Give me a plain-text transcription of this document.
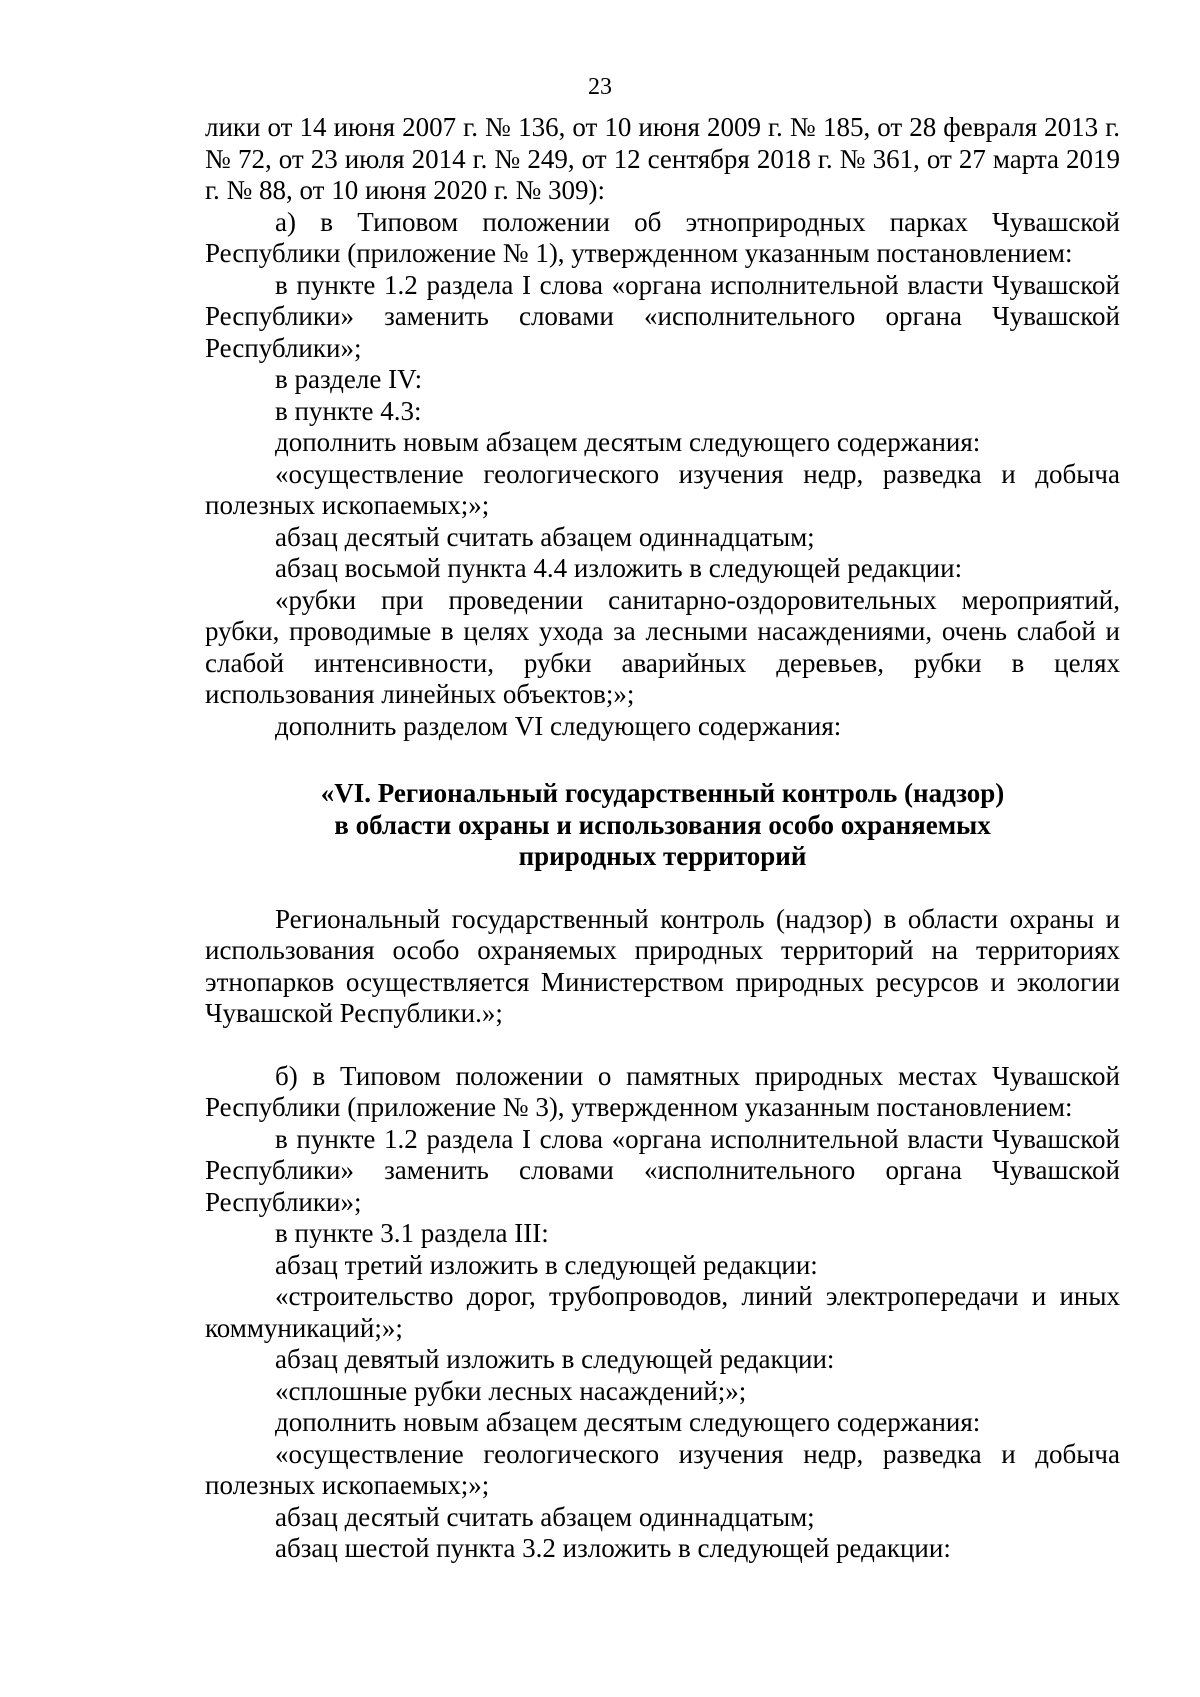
23

лики от 14 июня 2007 г. № 136, от 10 июня 2009 г. № 185, от 28 февраля 2013 г. № 72, от 23 июля 2014 г. № 249, от 12 сентября 2018 г. № 361, от 27 марта 2019 г. № 88, от 10 июня 2020 г. № 309):

а) в Типовом положении об этноприродных парках Чувашской Республики (приложение № 1), утвержденном указанным постановлением:

в пункте 1.2 раздела I слова «органа исполнительной власти Чувашской Республики» заменить словами «исполнительного органа Чувашской Республики»;

в разделе IV:

в пункте 4.3:

дополнить новым абзацем десятым следующего содержания:

«осуществление геологического изучения недр, разведка и добыча полезных ископаемых;»;

абзац десятый считать абзацем одиннадцатым;

абзац восьмой пункта 4.4 изложить в следующей редакции:

«рубки при проведении санитарно-оздоровительных мероприятий, рубки, проводимые в целях ухода за лесными насаждениями, очень слабой и слабой интенсивности, рубки аварийных деревьев, рубки в целях использования линейных объектов;»;

дополнить разделом VI следующего содержания:

«VI. Региональный государственный контроль (надзор)
в области охраны и использования особо охраняемых
природных территорий

Региональный государственный контроль (надзор) в области охраны и использования особо охраняемых природных территорий на территориях этнопарков осуществляется Министерством природных ресурсов и экологии Чувашской Республики.»;

б) в Типовом положении о памятных природных местах Чувашской Республики (приложение № 3), утвержденном указанным постановлением:

в пункте 1.2 раздела I слова «органа исполнительной власти Чувашской Республики» заменить словами «исполнительного органа Чувашской Республики»;

в пункте 3.1 раздела III:

абзац третий изложить в следующей редакции:

«строительство дорог, трубопроводов, линий электропередачи и иных коммуникаций;»;

абзац девятый изложить в следующей редакции:

«сплошные рубки лесных насаждений;»;

дополнить новым абзацем десятым следующего содержания:

«осуществление геологического изучения недр, разведка и добыча полезных ископаемых;»;

абзац десятый считать абзацем одиннадцатым;

абзац шестой пункта 3.2 изложить в следующей редакции:
